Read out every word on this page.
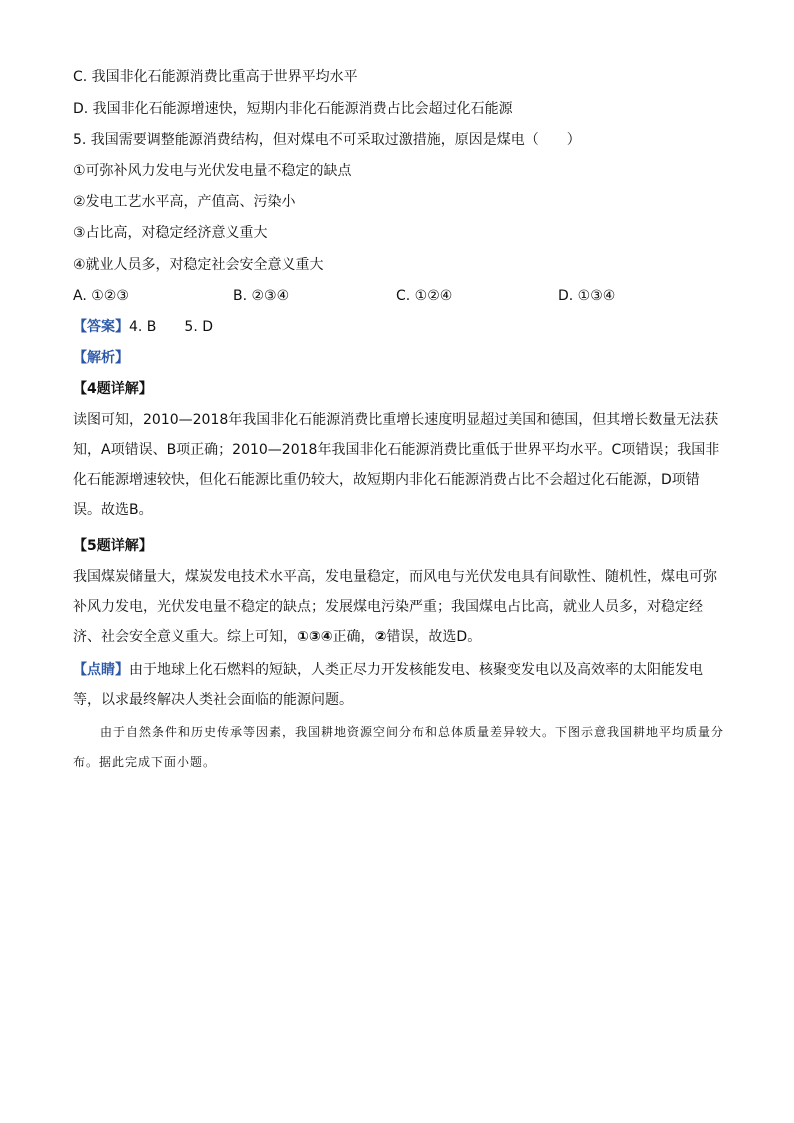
C. 我国非化石能源消费比重高于世界平均水平

D. 我国非化石能源增速快，短期内非化石能源消费占比会超过化石能源

5. 我国需要调整能源消费结构，但对煤电不可采取过激措施，原因是煤电（　　）

①可弥补风力发电与光伏发电量不稳定的缺点

②发电工艺水平高，产值高、污染小

③占比高，对稳定经济意义重大

④就业人员多，对稳定社会安全意义重大

A. ①②③	B. ②③④	C. ①②④	D. ①③④

【答案】4. B　　5. D

【解析】

【4题详解】

读图可知，2010—2018年我国非化石能源消费比重增长速度明显超过美国和德国，但其增长数量无法获知，A项错误、B项正确；2010—2018年我国非化石能源消费比重低于世界平均水平。C项错误；我国非化石能源增速较快，但化石能源比重仍较大，故短期内非化石能源消费占比不会超过化石能源，D项错误。故选B。

【5题详解】

我国煤炭储量大，煤炭发电技术水平高，发电量稳定，而风电与光伏发电具有间歇性、随机性，煤电可弥补风力发电，光伏发电量不稳定的缺点；发展煤电污染严重；我国煤电占比高，就业人员多，对稳定经济、社会安全意义重大。综上可知，①③④正确，②错误，故选D。

【点睛】由于地球上化石燃料的短缺，人类正尽力开发核能发电、核聚变发电以及高效率的太阳能发电等，以求最终解决人类社会面临的能源问题。

由于自然条件和历史传承等因素，我国耕地资源空间分布和总体质量差异较大。下图示意我国耕地平均质量分布。据此完成下面小题。
